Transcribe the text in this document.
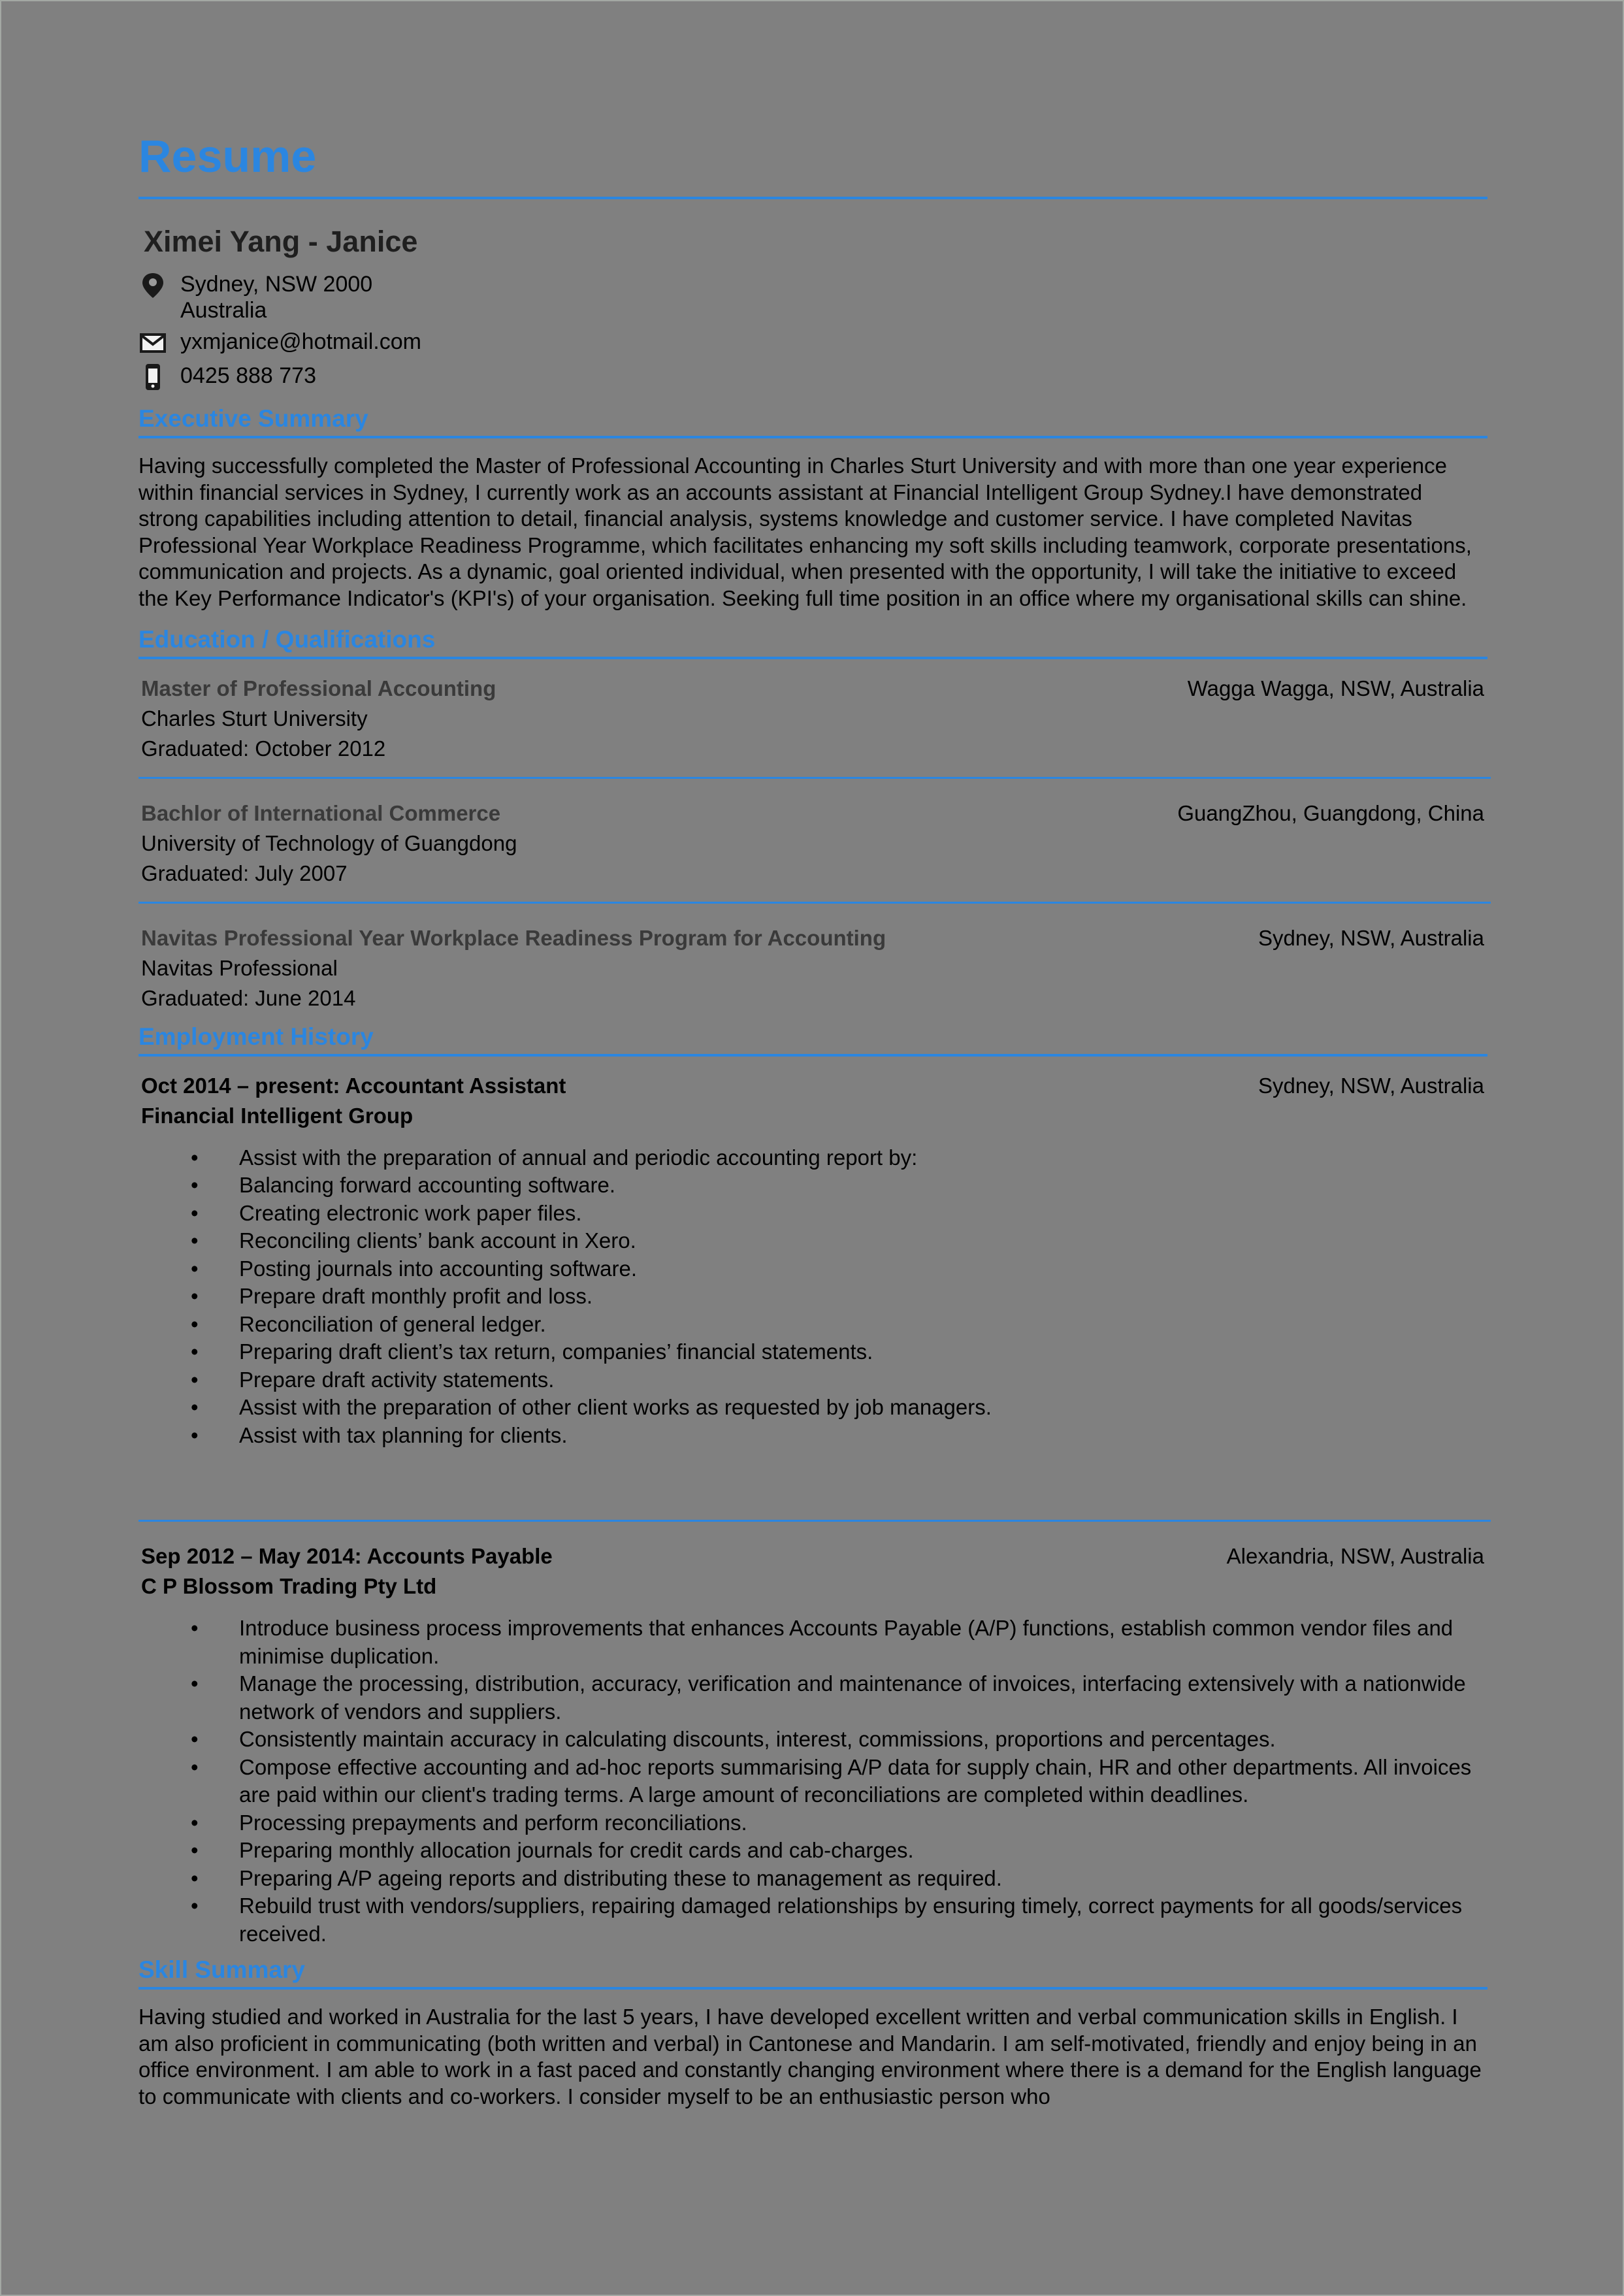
Resume
Ximei Yang - Janice
Sydney, NSW 2000
Australia
yxmjanice@hotmail.com
0425 888 773
Executive Summary

Having successfully completed the Master of Professional Accounting in Charles Sturt University and with more than one year experience within financial services in Sydney, I currently work as an accounts assistant at Financial Intelligent Group Sydney.I have demonstrated strong capabilities including attention to detail, financial analysis, systems knowledge and customer service. I have completed Navitas Professional Year Workplace Readiness Programme, which facilitates enhancing my soft skills including teamwork, corporate presentations, communication and projects. As a dynamic, goal oriented individual, when presented with the opportunity, I will take the initiative to exceed the Key Performance Indicator's (KPI's) of your organisation. Seeking full time position in an office where my organisational skills can shine.

Education / Qualifications
Master of Professional Accounting	Wagga Wagga, NSW, Australia
Charles Sturt University
Graduated: October 2012
Bachlor of International Commerce	GuangZhou, Guangdong, China
University of Technology of Guangdong
Graduated: July 2007
Navitas Professional Year Workplace Readiness Program for Accounting	Sydney, NSW, Australia
Navitas Professional
Graduated: June 2014
Employment History
Oct 2014 – present: Accountant Assistant	Sydney, NSW, Australia
Financial Intelligent Group
• Assist with the preparation of annual and periodic accounting report by:
• Balancing forward accounting software.
• Creating electronic work paper files.
• Reconciling clients’ bank account in Xero.
• Posting journals into accounting software.
• Prepare draft monthly profit and loss.
• Reconciliation of general ledger.
• Preparing draft client’s tax return, companies’ financial statements.
• Prepare draft activity statements.
• Assist with the preparation of other client works as requested by job managers.
• Assist with tax planning for clients.
Sep 2012 – May 2014: Accounts Payable	Alexandria, NSW, Australia
C P Blossom Trading Pty Ltd
• Introduce business process improvements that enhances Accounts Payable (A/P) functions, establish common vendor files and minimise duplication.
• Manage the processing, distribution, accuracy, verification and maintenance of invoices, interfacing extensively with a nationwide network of vendors and suppliers.
• Consistently maintain accuracy in calculating discounts, interest, commissions, proportions and percentages.
• Compose effective accounting and ad-hoc reports summarising A/P data for supply chain, HR and other departments. All invoices are paid within our client's trading terms. A large amount of reconciliations are completed within deadlines.
• Processing prepayments and perform reconciliations.
• Preparing monthly allocation journals for credit cards and cab-charges.
• Preparing A/P ageing reports and distributing these to management as required.
• Rebuild trust with vendors/suppliers, repairing damaged relationships by ensuring timely, correct payments for all goods/services received.
Skill Summary

Having studied and worked in Australia for the last 5 years, I have developed excellent written and verbal communication skills in English. I am also proficient in communicating (both written and verbal) in Cantonese and Mandarin. I am self-motivated, friendly and enjoy being in an office environment. I am able to work in a fast paced and constantly changing environment where there is a demand for the English language to communicate with clients and co-workers. I consider myself to be an enthusiastic person who
